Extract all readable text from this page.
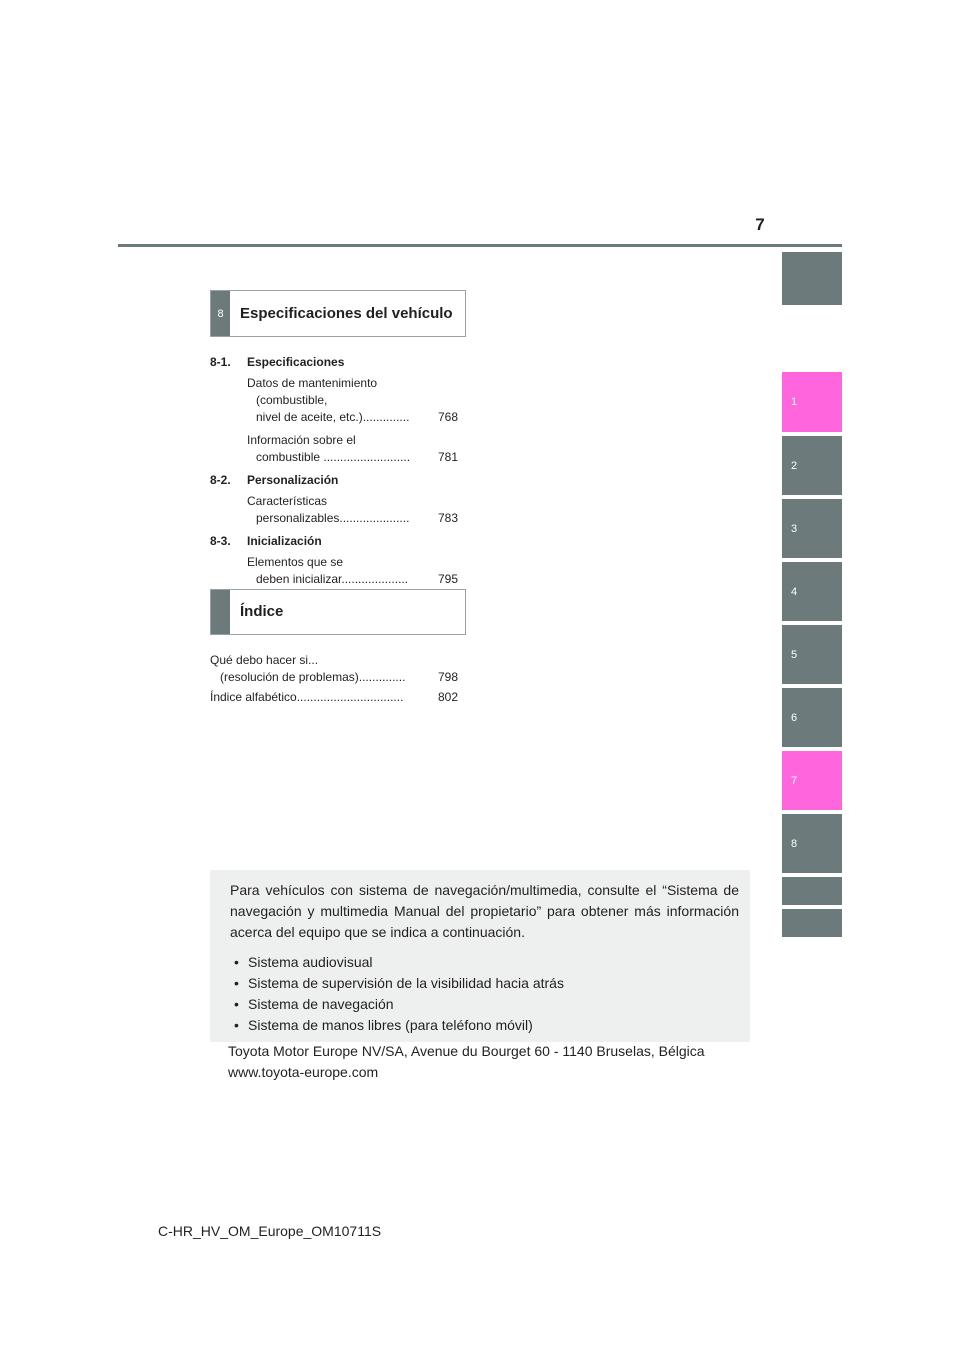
7
1
2
3
4
5
6
7
8
8	Especificaciones del vehículo
8-1. Especificaciones
Datos de mantenimiento
(combustible,
nivel de aceite, etc.)..............	768
Información sobre el
combustible ..........................	781
8-2. Personalización
Características
personalizables.....................	783
8-3. Inicialización
Elementos que se
deben inicializar....................	795
Índice
Qué debo hacer si...
(resolución de problemas)..............	798
Índice alfabético................................	802
Para vehículos con sistema de navegación/multimedia, consulte el “Sistema de navegación y multimedia Manual del propietario” para obtener más información acerca del equipo que se indica a continuación.
• Sistema audiovisual
• Sistema de supervisión de la visibilidad hacia atrás
• Sistema de navegación
• Sistema de manos libres (para teléfono móvil)
Toyota Motor Europe NV/SA, Avenue du Bourget 60 - 1140 Bruselas, Bélgica
www.toyota-europe.com
C-HR_HV_OM_Europe_OM10711S
